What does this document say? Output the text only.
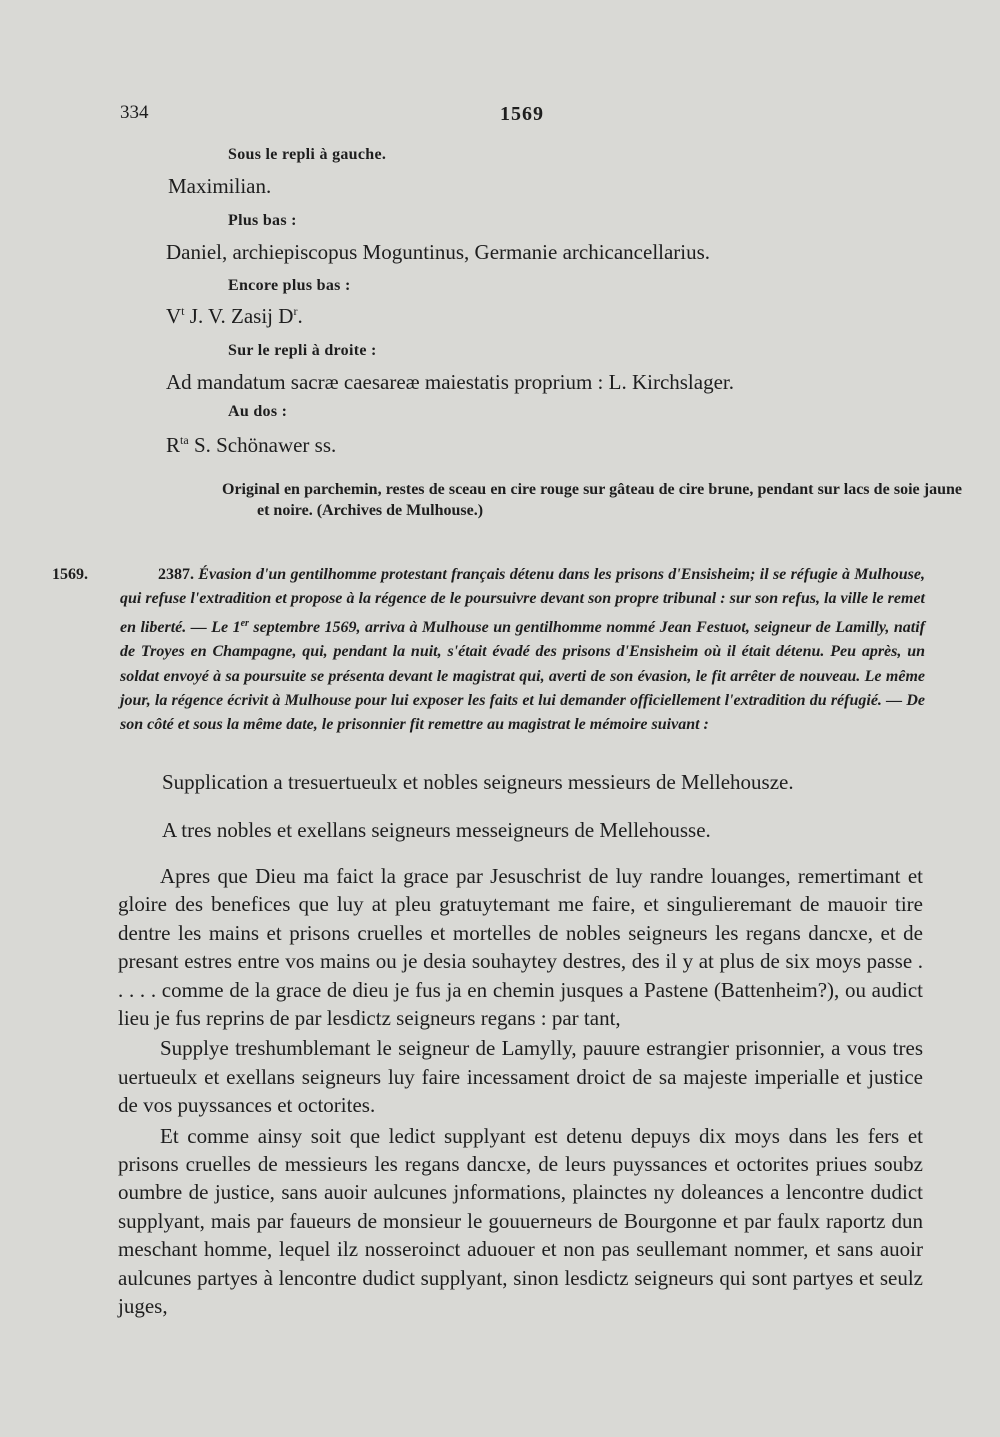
334	1569
Sous le repli à gauche.
Maximilian.
Plus bas :
Daniel, archiepiscopus Moguntinus, Germanie archicancellarius.
Encore plus bas :
$V^t$ J. V. Zasij $D^r$.
Sur le repli à droite :
Ad mandatum sacræ caesareæ maiestatis proprium : L. Kirchslager.
Au dos :
$R^{ta}$ S. Schönawer ss.
Original en parchemin, restes de sceau en cire rouge sur gâteau de cire brune, pendant sur lacs de soie jaune et noire. (Archives de Mulhouse.)
1569.	2387. Évasion d'un gentilhomme protestant français détenu dans les prisons d'Ensisheim; il se réfugie à Mulhouse, qui refuse l'extradition et propose à la régence de le poursuivre devant son propre tribunal : sur son refus, la ville le remet en liberté. — Le 1er septembre 1569, arriva à Mulhouse un gentilhomme nommé Jean Festuot, seigneur de Lamilly, natif de Troyes en Champagne, qui, pendant la nuit, s'était évadé des prisons d'Ensisheim où il était détenu. Peu après, un soldat envoyé à sa poursuite se présenta devant le magistrat qui, averti de son évasion, le fit arrêter de nouveau. Le même jour, la régence écrivit à Mulhouse pour lui exposer les faits et lui demander officiellement l'extradition du réfugié. — De son côté et sous la même date, le prisonnier fit remettre au magistrat le mémoire suivant :
Supplication a tresuertueulx et nobles seigneurs messieurs de Mellehousze.
A tres nobles et exellans seigneurs messeigneurs de Mellehousse.

Apres que Dieu ma faict la grace par Jesuschrist de luy randre louanges, remertimant et gloire des benefices que luy at pleu gratuytemant me faire, et singulieremant de mauoir tire dentre les mains et prisons cruelles et mortelles de nobles seigneurs les regans dancxe, et de presant estres entre vos mains ou je desia souhaytey destres, des il y at plus de six moys passe . . . . . comme de la grace de dieu je fus ja en chemin jusques a Pastene (Battenheim?), ou audict lieu je fus reprins de par lesdictz seigneurs regans : par tant,

Supplye treshumblemant le seigneur de Lamylly, pauure estrangier prisonnier, a vous tres uertueulx et exellans seigneurs luy faire incessament droict de sa majeste imperialle et justice de vos puyssances et octorites.

Et comme ainsy soit que ledict supplyant est detenu depuys dix moys dans les fers et prisons cruelles de messieurs les regans dancxe, de leurs puyssances et octorites priues soubz oumbre de justice, sans auoir aulcunes jnformations, plainctes ny doleances a lencontre dudict supplyant, mais par faueurs de monsieur le gouuerneurs de Bourgonne et par faulx raportz dun meschant homme, lequel ilz nosseroinct aduouer et non pas seullemant nommer, et sans auoir aulcunes partyes à lencontre dudict supplyant, sinon lesdictz seigneurs qui sont partyes et seulz juges,
